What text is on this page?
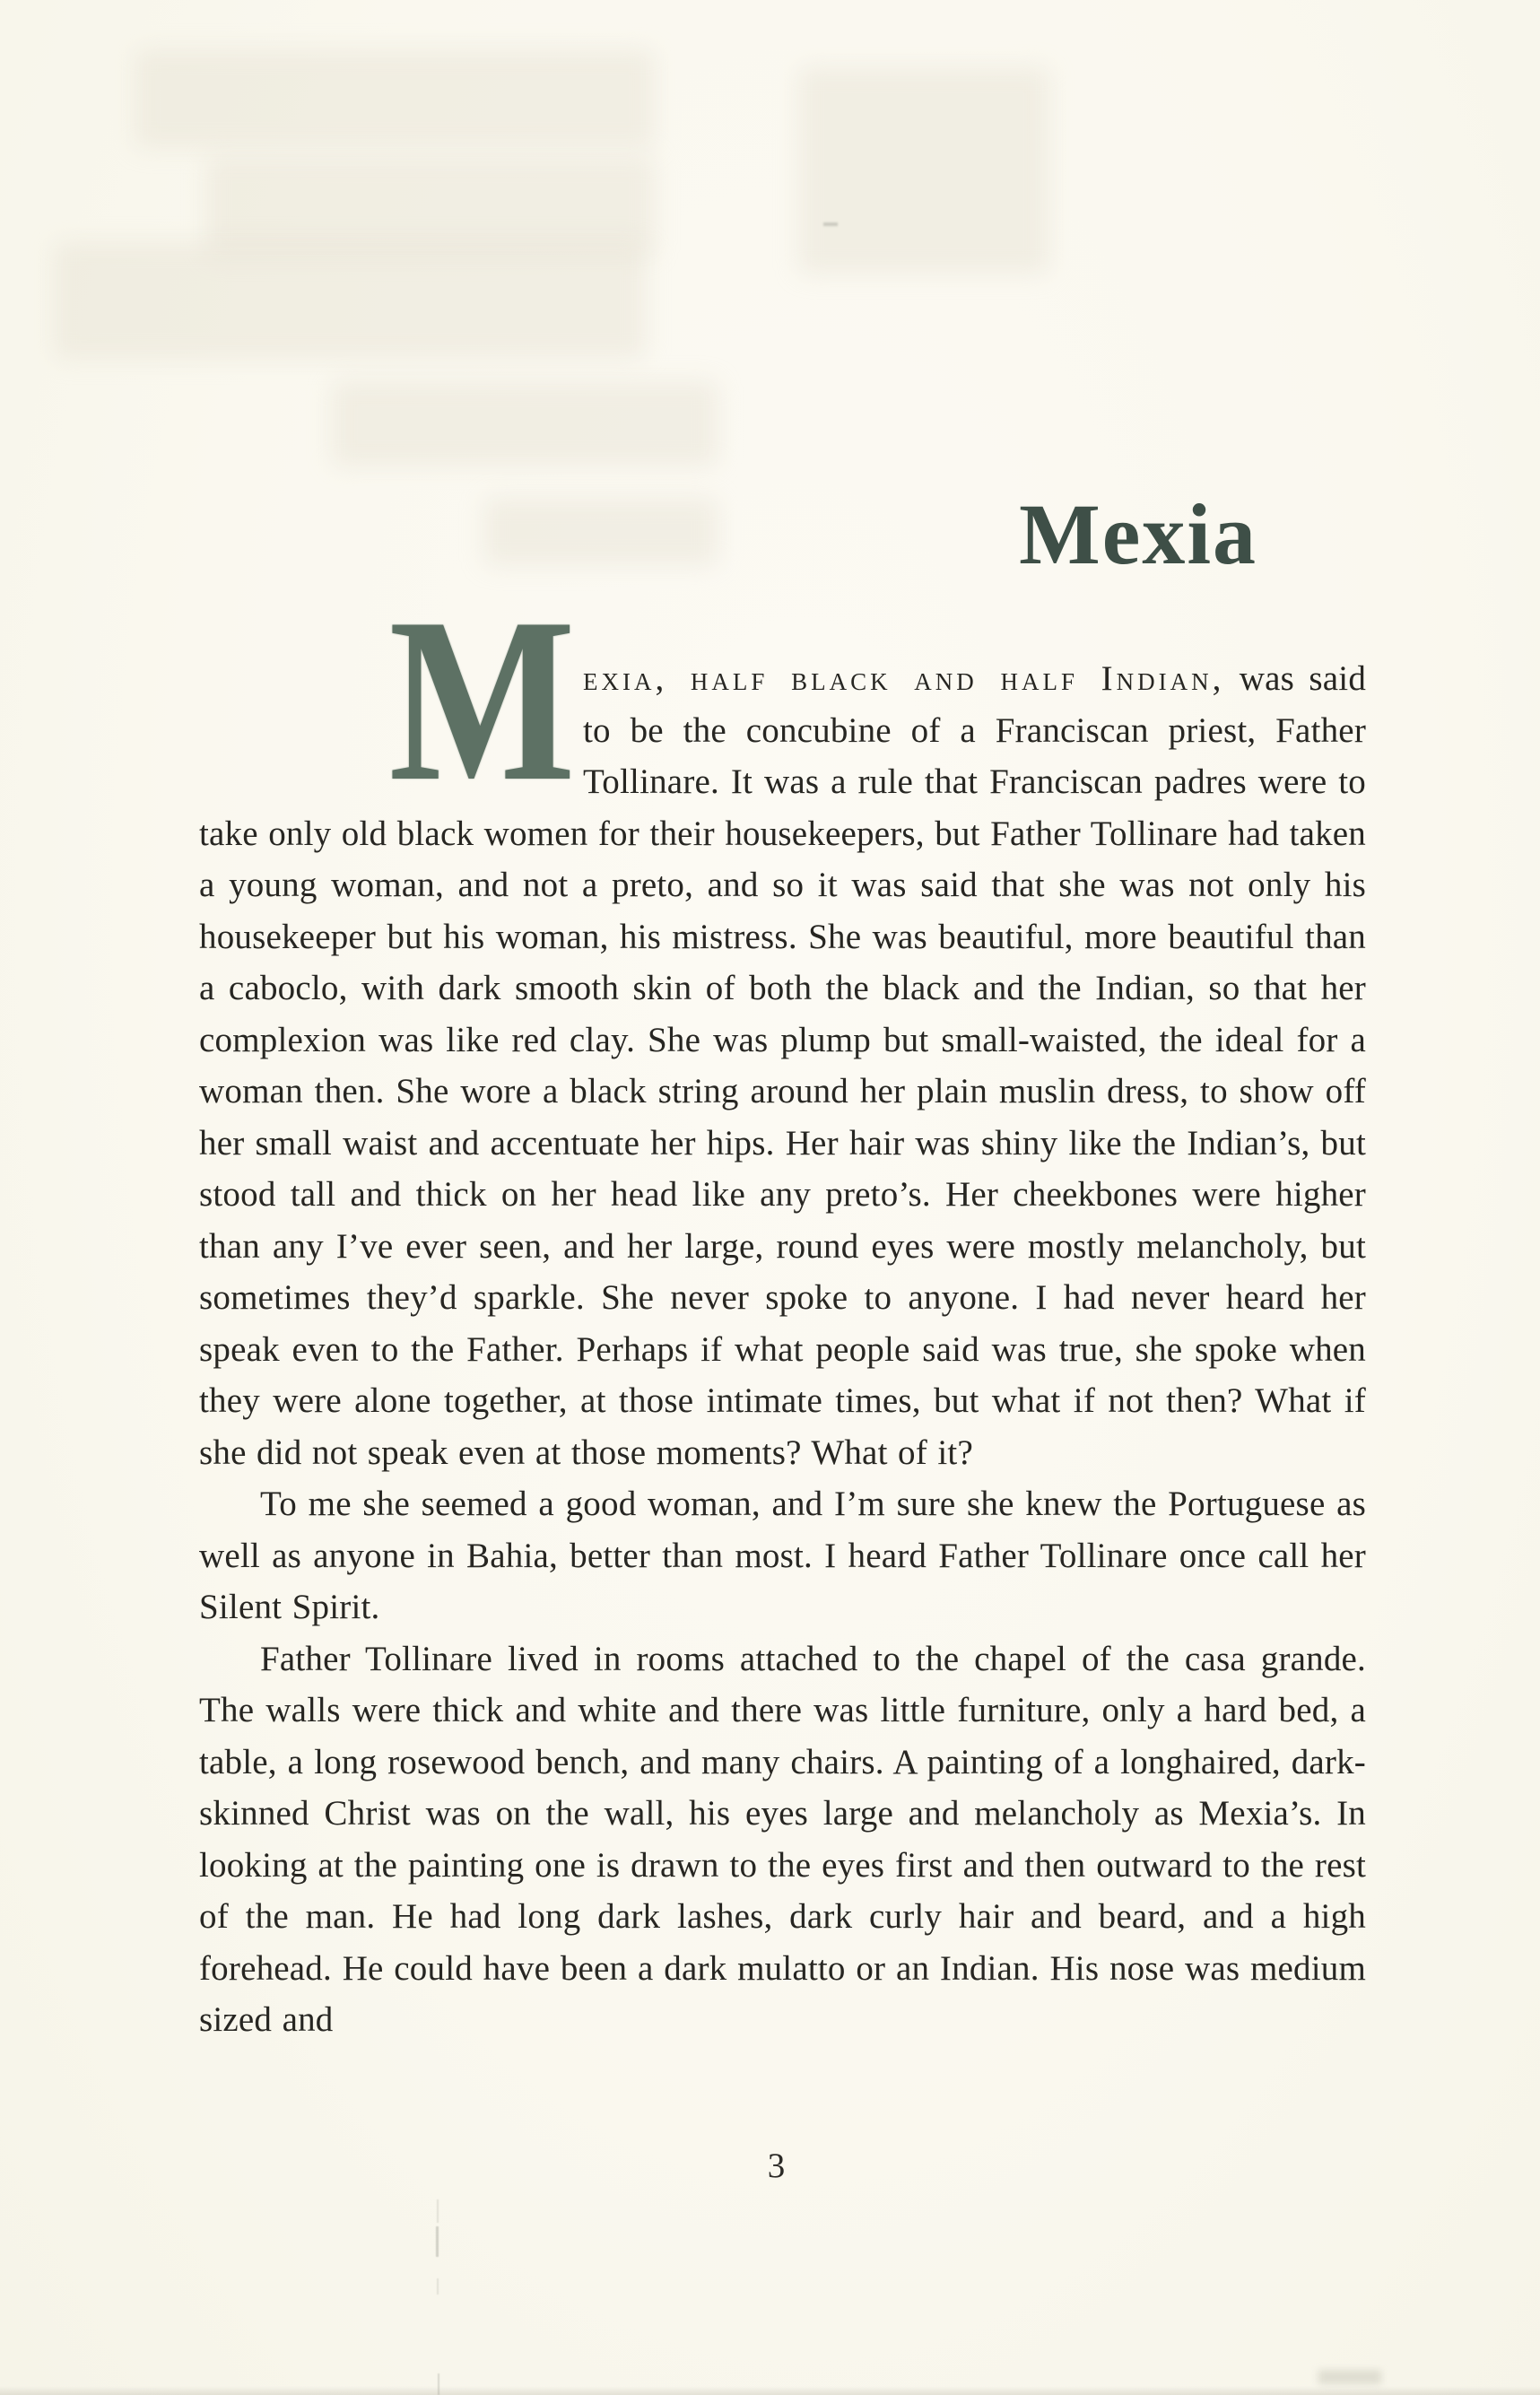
Mexia

M exia, half black and half Indian, was said to be the concubine of a Franciscan priest, Father Tollinare. It was a rule that Franciscan padres were to take only old black women for their housekeepers, but Father Tollinare had taken a young woman, and not a preto, and so it was said that she was not only his housekeeper but his woman, his mistress. She was beautiful, more beautiful than a caboclo, with dark smooth skin of both the black and the Indian, so that her complexion was like red clay. She was plump but small-waisted, the ideal for a woman then. She wore a black string around her plain muslin dress, to show off her small waist and accentuate her hips. Her hair was shiny like the Indian’s, but stood tall and thick on her head like any preto’s. Her cheekbones were higher than any I’ve ever seen, and her large, round eyes were mostly melancholy, but sometimes they’d sparkle. She never spoke to anyone. I had never heard her speak even to the Father. Perhaps if what people said was true, she spoke when they were alone together, at those intimate times, but what if not then? What if she did not speak even at those moments? What of it?

To me she seemed a good woman, and I’m sure she knew the Portuguese as well as anyone in Bahia, better than most. I heard Father Tollinare once call her Silent Spirit.

Father Tollinare lived in rooms attached to the chapel of the casa grande. The walls were thick and white and there was little furniture, only a hard bed, a table, a long rosewood bench, and many chairs. A painting of a longhaired, dark-skinned Christ was on the wall, his eyes large and melancholy as Mexia’s. In looking at the painting one is drawn to the eyes first and then outward to the rest of the man. He had long dark lashes, dark curly hair and beard, and a high forehead. He could have been a dark mulatto or an Indian. His nose was medium sized and

3
